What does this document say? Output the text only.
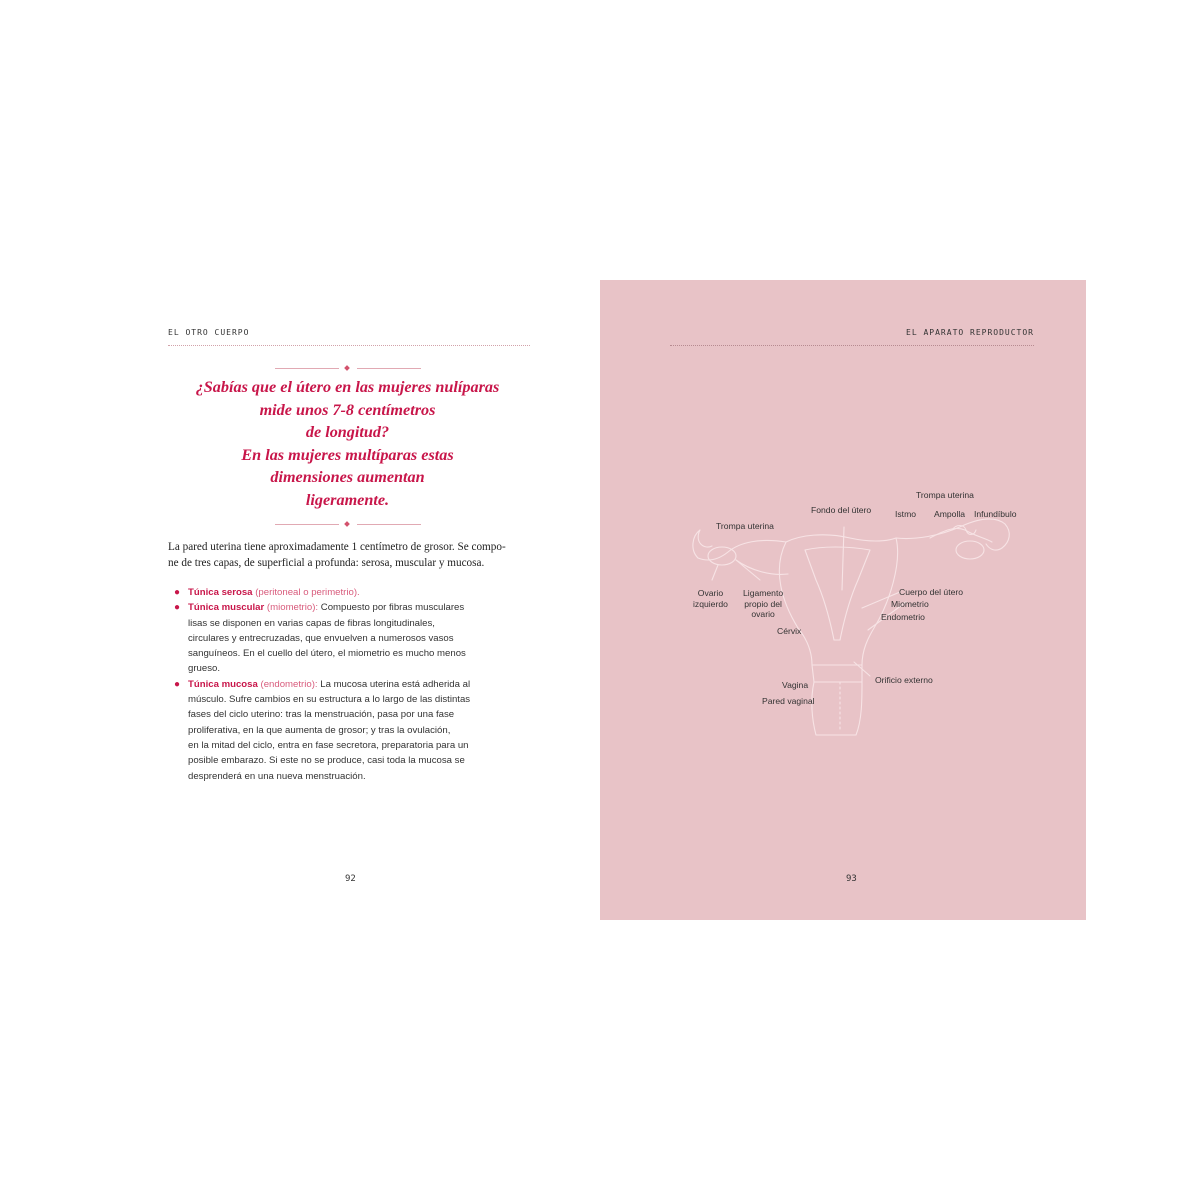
EL OTRO CUERPO
¿Sabías que el útero en las mujeres nulíparas
mide unos 7-8 centímetros
de longitud?
En las mujeres multíparas estas
dimensiones aumentan
ligeramente.
La pared uterina tiene aproximadamente 1 centímetro de grosor. Se compo-
ne de tres capas, de superficial a profunda: serosa, muscular y mucosa.
● Túnica serosa (peritoneal o perimetrio).
● Túnica muscular (miometrio): Compuesto por fibras musculares
lisas se disponen en varias capas de fibras longitudinales,
circulares y entrecruzadas, que envuelven a numerosos vasos
sanguíneos. En el cuello del útero, el miometrio es mucho menos
grueso.
● Túnica mucosa (endometrio): La mucosa uterina está adherida al
músculo. Sufre cambios en su estructura a lo largo de las distintas
fases del ciclo uterino: tras la menstruación, pasa por una fase
proliferativa, en la que aumenta de grosor; y tras la ovulación,
en la mitad del ciclo, entra en fase secretora, preparatoria para un
posible embarazo. Si este no se produce, casi toda la mucosa se
desprenderá en una nueva menstruación.
92
EL APARATO REPRODUCTOR
Trompa uterina
Fondo del útero	Istmo Ampolla Infundíbulo
Trompa uterina
Ovario
izquierdo
Ligamento
propio del
ovario
Cérvix
Cuerpo del útero
Miometrio
Endometrio
Orificio externo
Vagina
Pared vaginal
93
